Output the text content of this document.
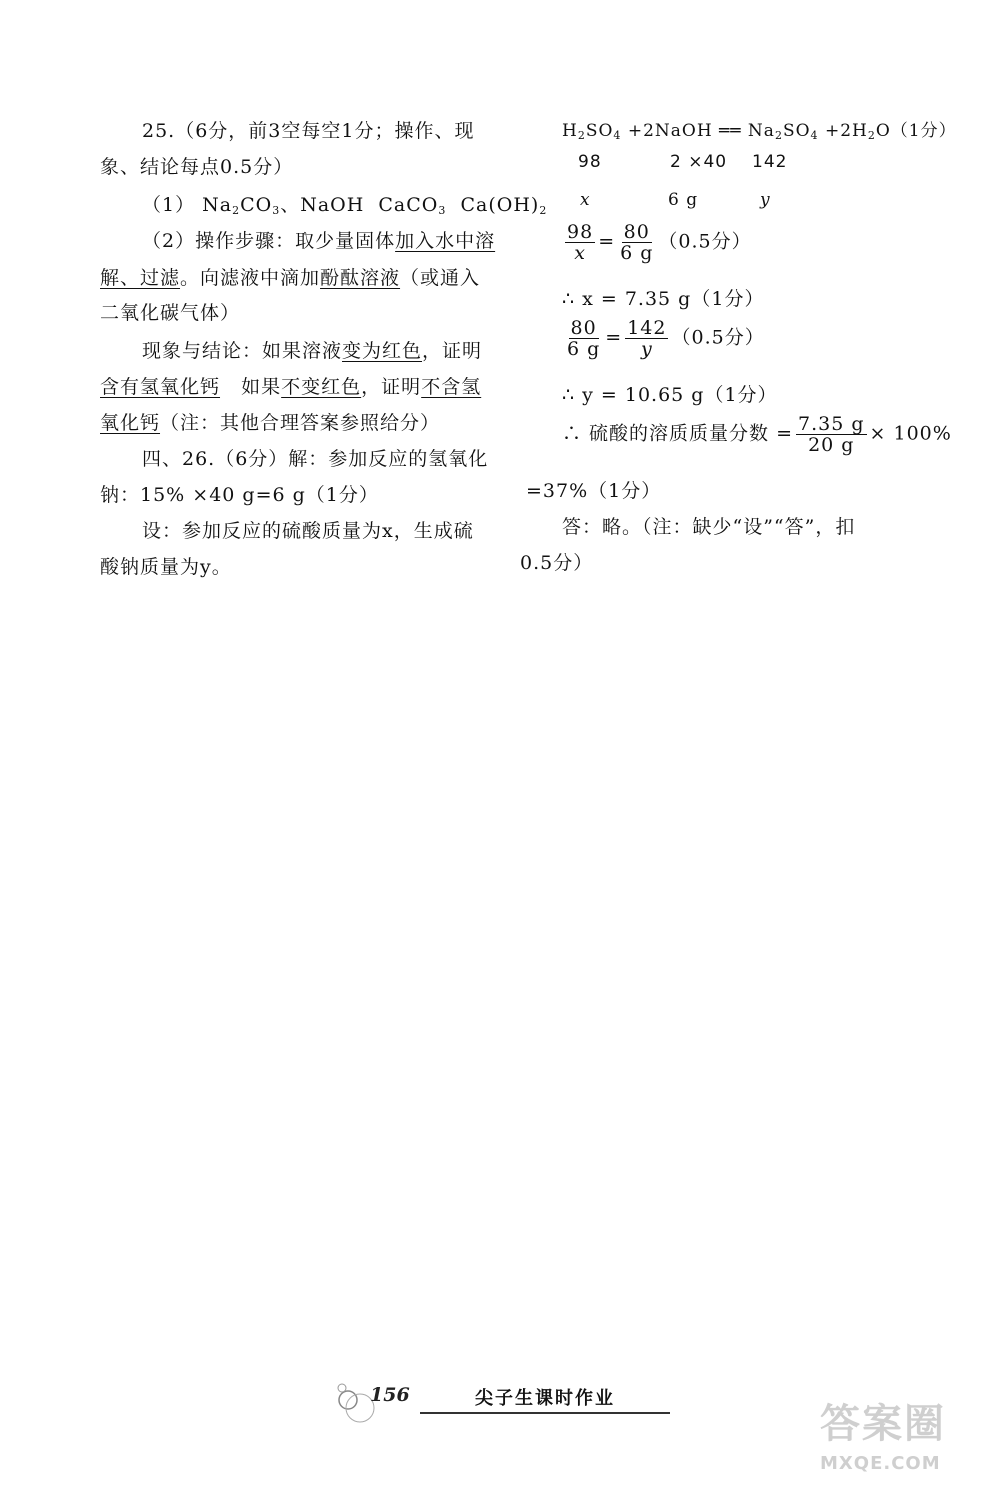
25.（6分，前3空每空1分；操作、现
象、结论每点0.5分）
（1） $Na_2CO_3$、NaOH  CaCO$_3$  $Ca(OH)_2$
（2）操作步骤：取少量固体加入水中溶
解、过滤。向滤液中滴加酚酞溶液（或通入
二氧化碳气体）
现象与结论：如果溶液变为红色，证明
含有氢氧化钙 如果不变红色，证明不含氢
氧化钙（注：其他合理答案参照给分）
四、26.（6分）解：参加反应的氢氧化
钠：15% ×40 g=6 g（1分）
设：参加反应的硫酸质量为x，生成硫
酸钠质量为y。
$H_2SO_4$ +2NaOH ══ $Na_2SO_4 +2H_2O(1$分）
98	2 ×40 142
x	6 g	y
$\frac{98}{x} = \frac{80}{6 g} (0.5$分）
∴ x = 7.35 g（1分）
$\frac{80}{6 g} = \frac{142}{y} (0.5$分）
∴ y = 10.65 g（1分）
∴ 硫酸的溶质质量分数 = $\frac{7.35 g}{20 g} \times 100\%$
=37%（1分）
答：略。（注：缺少“设”“答”，扣
0.5分）
156	尖子生课时作业
答案圈
MXQE.COM
